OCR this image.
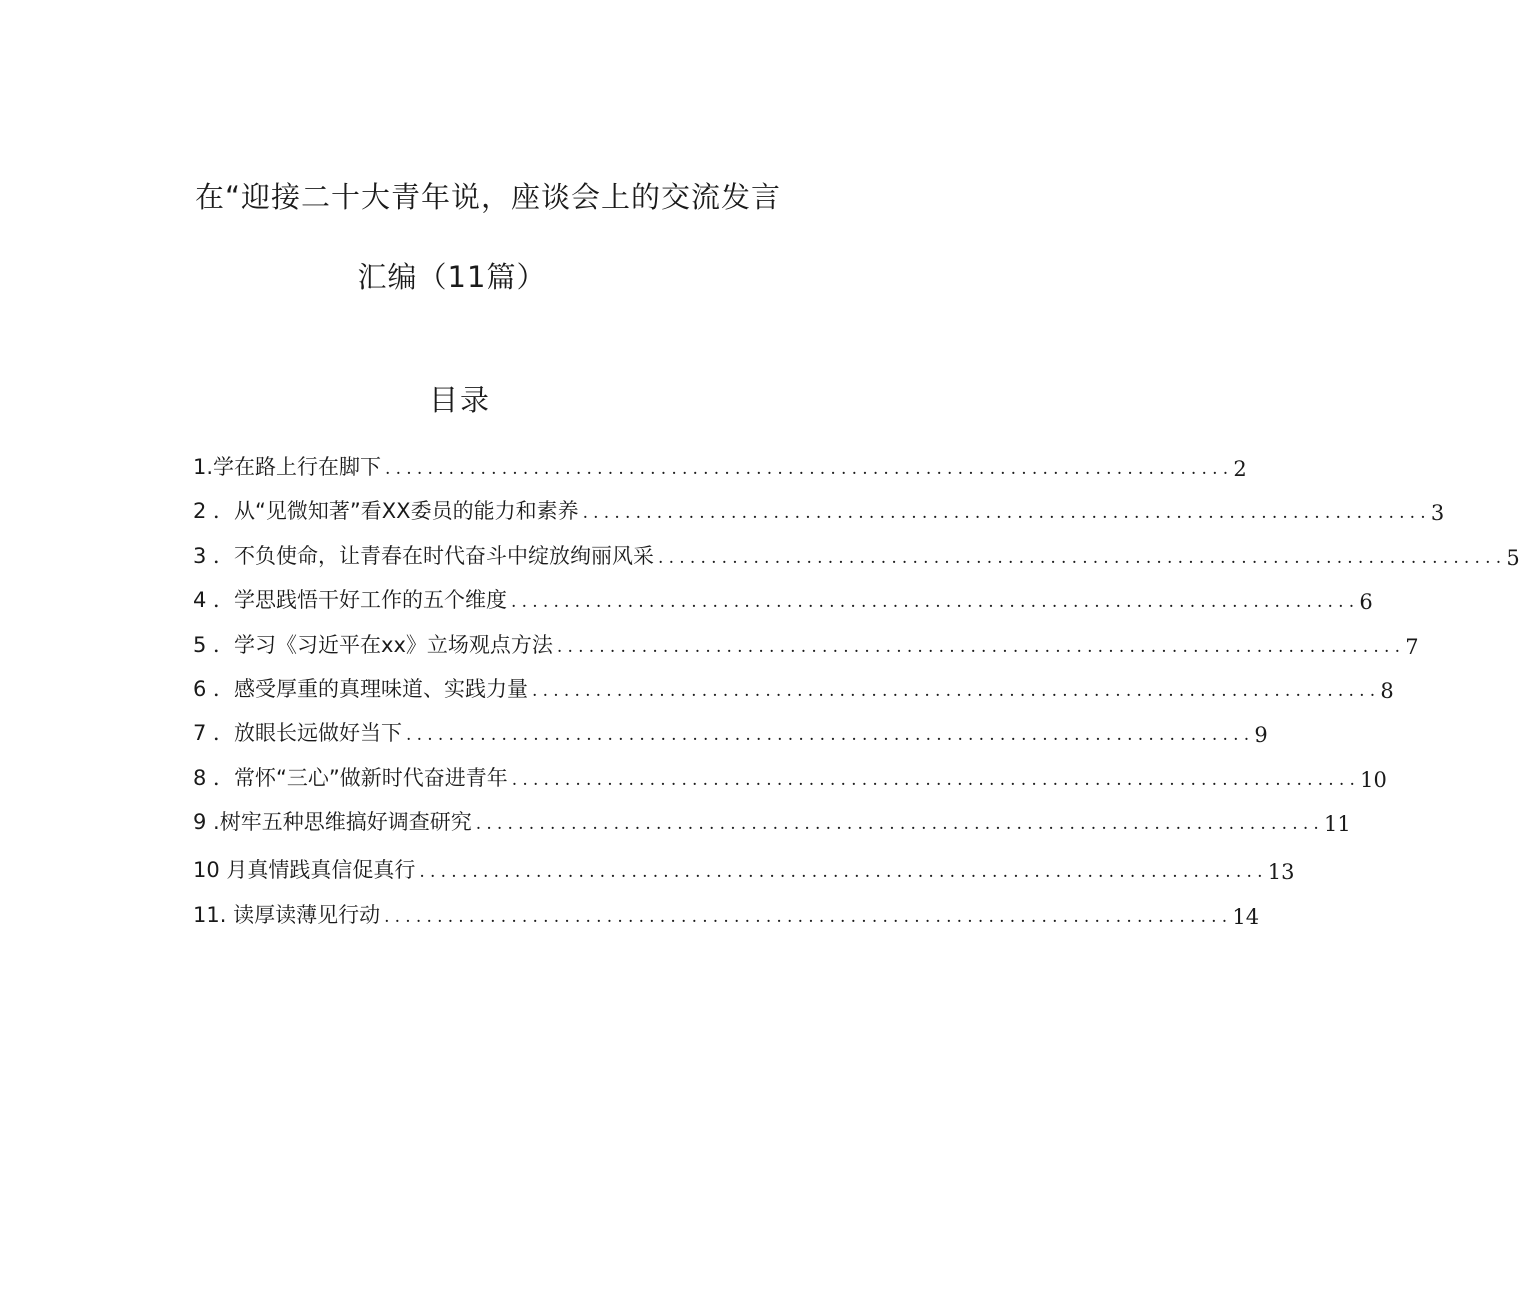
在“迎接二十大青年说，座谈会上的交流发言
汇编（11篇）
目录
1.学在路上行在脚下 ................................................................................ 2
2 ．从“见微知著”看XX委员的能力和素养 ................................................................................ 3
3 ．不负使命，让青春在时代奋斗中绽放绚丽风采 ................................................................................ 5
4 ．学思践悟干好工作的五个维度 ................................................................................ 6
5 ．学习《习近平在xx》立场观点方法 ................................................................................ 7
6 ．感受厚重的真理味道、实践力量 ................................................................................ 8
7 ．放眼长远做好当下 ................................................................................ 9
8 ．常怀“三心”做新时代奋进青年 ................................................................................ 10
9 .树牢五种思维搞好调查研究 ................................................................................ 11
10 月真情践真信促真行 ................................................................................ 13
11. 读厚读薄见行动 ................................................................................ 14
